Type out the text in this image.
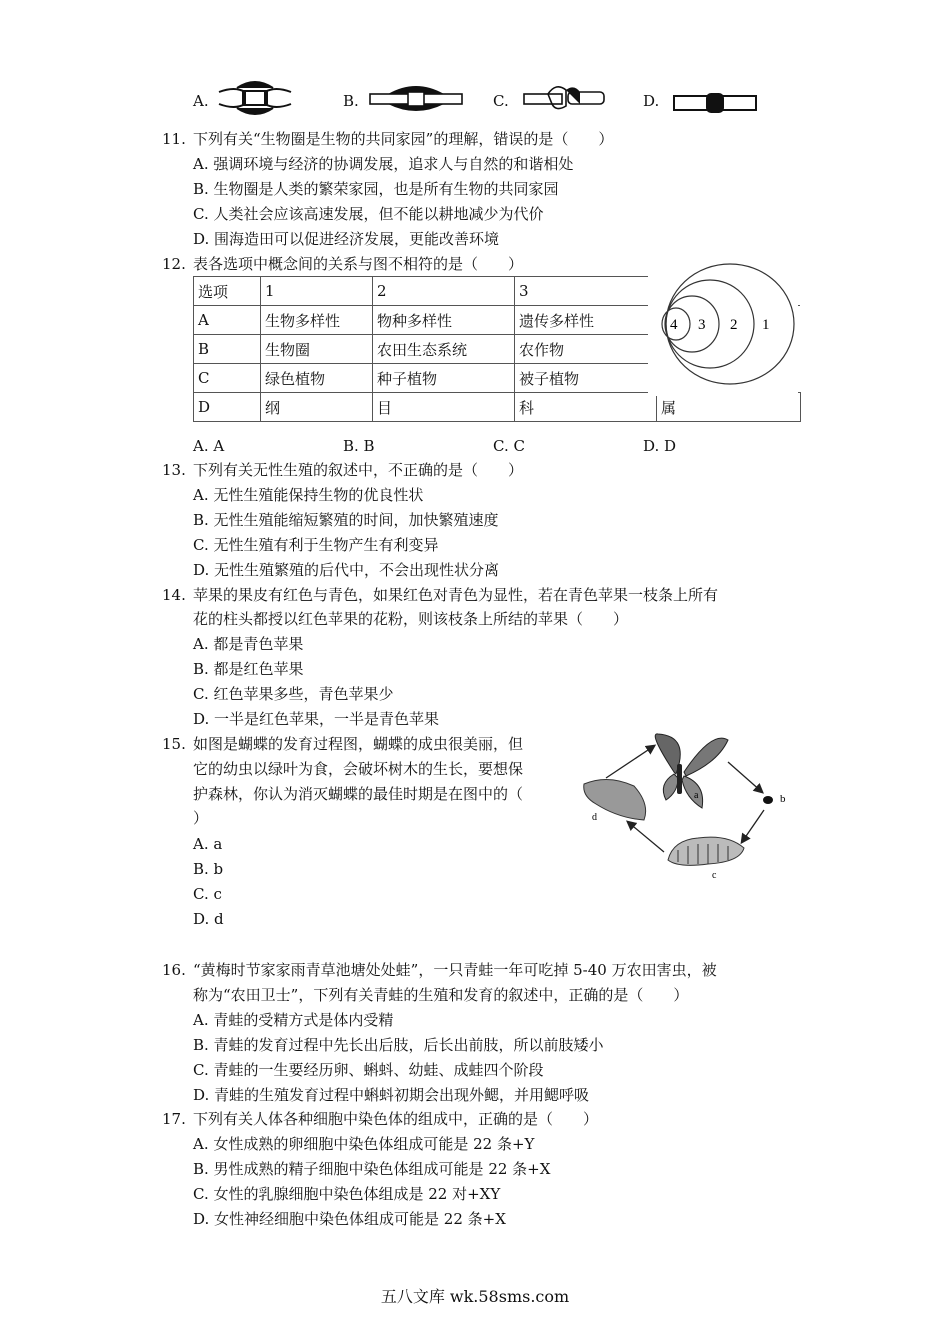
A.	B.	C.	D.
11. 下列有关“生物圈是生物的共同家园”的理解，错误的是（　　）
A. 强调环境与经济的协调发展，追求人与自然的和谐相处
B. 生物圈是人类的繁荣家园，也是所有生物的共同家园
C. 人类社会应该高速发展，但不能以耕地减少为代价
D. 围海造田可以促进经济发展，更能改善环境
12. 表各选项中概念间的关系与图不相符的是（　　）
选项	1	2	3	
A	生物多样性	物种多样性	遗传多样性	
B	生物圈	农田生态系统	农作物	
C	绿色植物	种子植物	被子植物	
D	纲	目	科	属
4 3 2 1
A. A	B. B	C. C	D. D
13. 下列有关无性生殖的叙述中，不正确的是（　　）
A. 无性生殖能保持生物的优良性状
B. 无性生殖能缩短繁殖的时间，加快繁殖速度
C. 无性生殖有利于生物产生有利变异
D. 无性生殖繁殖的后代中，不会出现性状分离
14. 苹果的果皮有红色与青色，如果红色对青色为显性，若在青色苹果一枝条上所有
花的柱头都授以红色苹果的花粉，则该枝条上所结的苹果（　　）
A. 都是青色苹果
B. 都是红色苹果
C. 红色苹果多些，青色苹果少
D. 一半是红色苹果，一半是青色苹果
15. 如图是蝴蝶的发育过程图，蝴蝶的成虫很美丽，但
它的幼虫以绿叶为食，会破坏树木的生长，要想保
护森林，你认为消灭蝴蝶的最佳时期是在图中的（
）
A. a
B. b
C. c
D. d
a	b
c
d
16. “黄梅时节家家雨青草池塘处处蛙”，一只青蛙一年可吃掉 5-40 万农田害虫，被
称为“农田卫士”，下列有关青蛙的生殖和发育的叙述中，正确的是（　　）
A. 青蛙的受精方式是体内受精
B. 青蛙的发育过程中先长出后肢，后长出前肢，所以前肢矮小
C. 青蛙的一生要经历卵、蝌蚪、幼蛙、成蛙四个阶段
D. 青蛙的生殖发育过程中蝌蚪初期会出现外鳃，并用鳃呼吸
17. 下列有关人体各种细胞中染色体的组成中，正确的是（　　）
A. 女性成熟的卵细胞中染色体组成可能是 22 条+Y
B. 男性成熟的精子细胞中染色体组成可能是 22 条+X
C. 女性的乳腺细胞中染色体组成是 22 对+XY
D. 女性神经细胞中染色体组成可能是 22 条+X
五八文库 wk.58sms.com
